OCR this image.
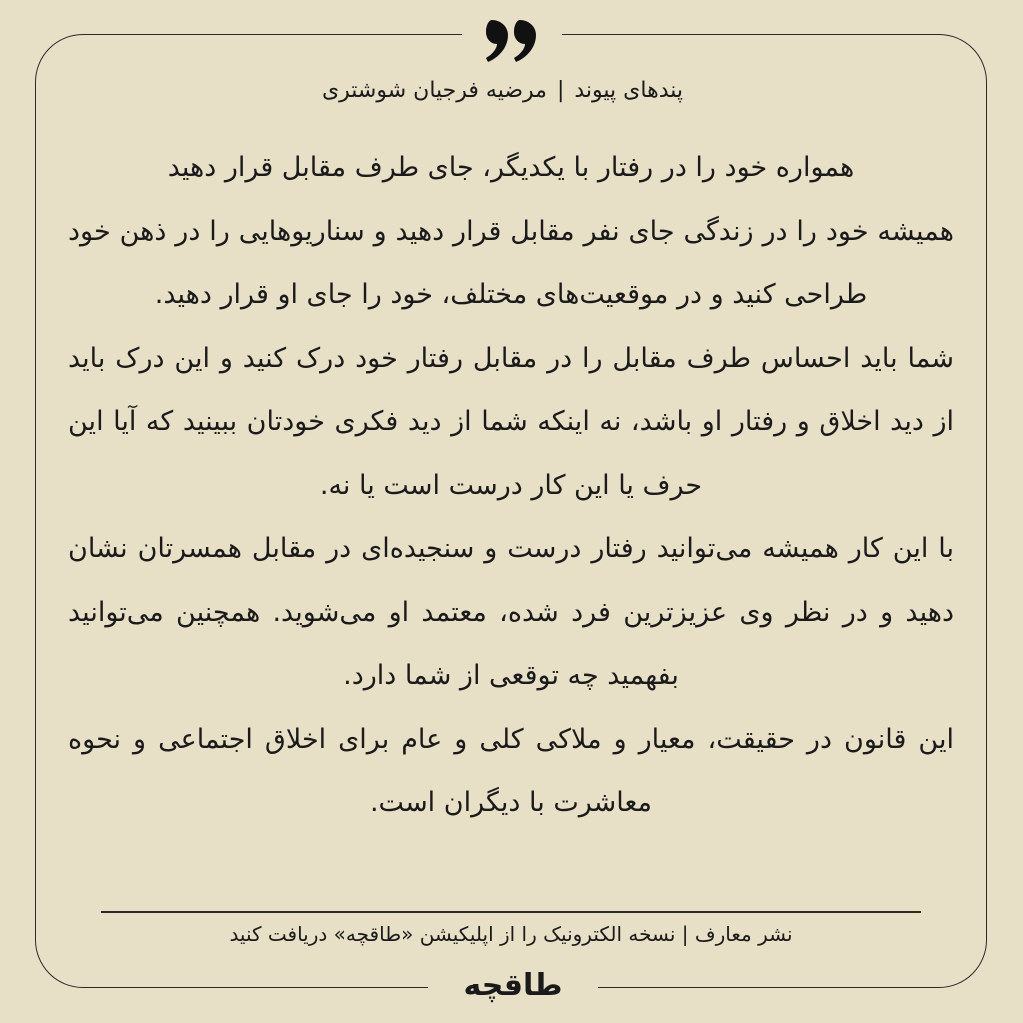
پندهای پیوند|مرضیه فرجیان شوشتری

همواره خود را در رفتار با یکدیگر، جای طرف مقابل قرار دهید

همیشه خود را در زندگی جای نفر مقابل قرار دهید و سناریوهایی را در ذهن خود طراحی کنید و در موقعیت‌های مختلف، خود را جای او قرار دهید.

شما باید احساس طرف مقابل را در مقابل رفتار خود درک کنید و این درک باید از دید اخلاق و رفتار او باشد، نه اینکه شما از دید فکری خودتان ببینید که آیا این حرف یا این کار درست است یا نه.

با این کار همیشه می‌توانید رفتار درست و سنجیده‌ای در مقابل همسرتان نشان دهید و در نظر وی عزیزترین فرد شده، معتمد او می‌شوید. همچنین می‌توانید بفهمید چه توقعی از شما دارد.

این قانون در حقیقت، معیار و ملاکی کلی و عام برای اخلاق اجتماعی و نحوه معاشرت با دیگران است.

نشر معارف | نسخه الکترونیک را از اپلیکیشن «طاقچه» دریافت کنید
طاقچه
